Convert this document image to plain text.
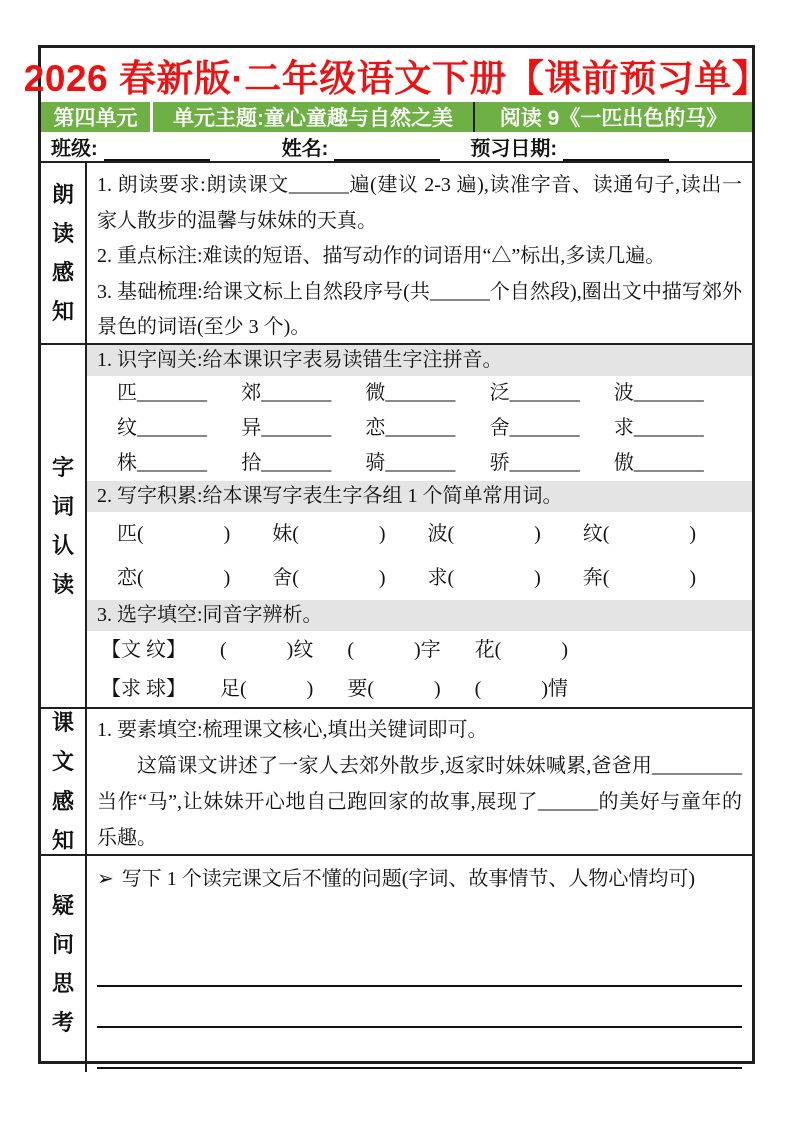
2026 春新版·二年级语文下册【课前预习单】
第四单元	单元主题:童心童趣与自然之美	阅读 9《一匹出色的马》
班级:	姓名:	预习日期:
朗读感知

1. 朗读要求:朗读课文______遍(建议 2-3 遍),读准字音、读通句子,读出一家人散步的温馨与妹妹的天真。

2. 重点标注:难读的短语、描写动作的词语用“△”标出,多读几遍。

3. 基础梳理:给课文标上自然段序号(共______个自然段),圈出文中描写郊外景色的词语(至少 3 个)。

字词认读
1. 识字闯关:给本课识字表易读错生字注拼音。
匹_______	郊_______	微_______	泛_______	波_______
纹_______	异_______	恋_______	舍_______	求_______
株_______	拾_______	骑_______	骄_______	傲_______
2. 写字积累:给本课写字表生字各组 1 个简单常用词。
匹(　　　　)	妹(　　　　)	波(　　　　)	纹(　　　　)
恋(　　　　)	舍(　　　　)	求(　　　　)	奔(　　　　)
3. 选字填空:同音字辨析。
【文 纹】 (　　　)纹 (　　　)字 花(　　　)
【求 球】 足(　　　) 要(　　　) (　　　)情
课文感知

1. 要素填空:梳理课文核心,填出关键词即可。

这篇课文讲述了一家人去郊外散步,返家时妹妹喊累,爸爸用_________当作“马”,让妹妹开心地自己跑回家的故事,展现了______的美好与童年的乐趣。

疑问思考
➢ 写下 1 个读完课文后不懂的问题(字词、故事情节、人物心情均可)
